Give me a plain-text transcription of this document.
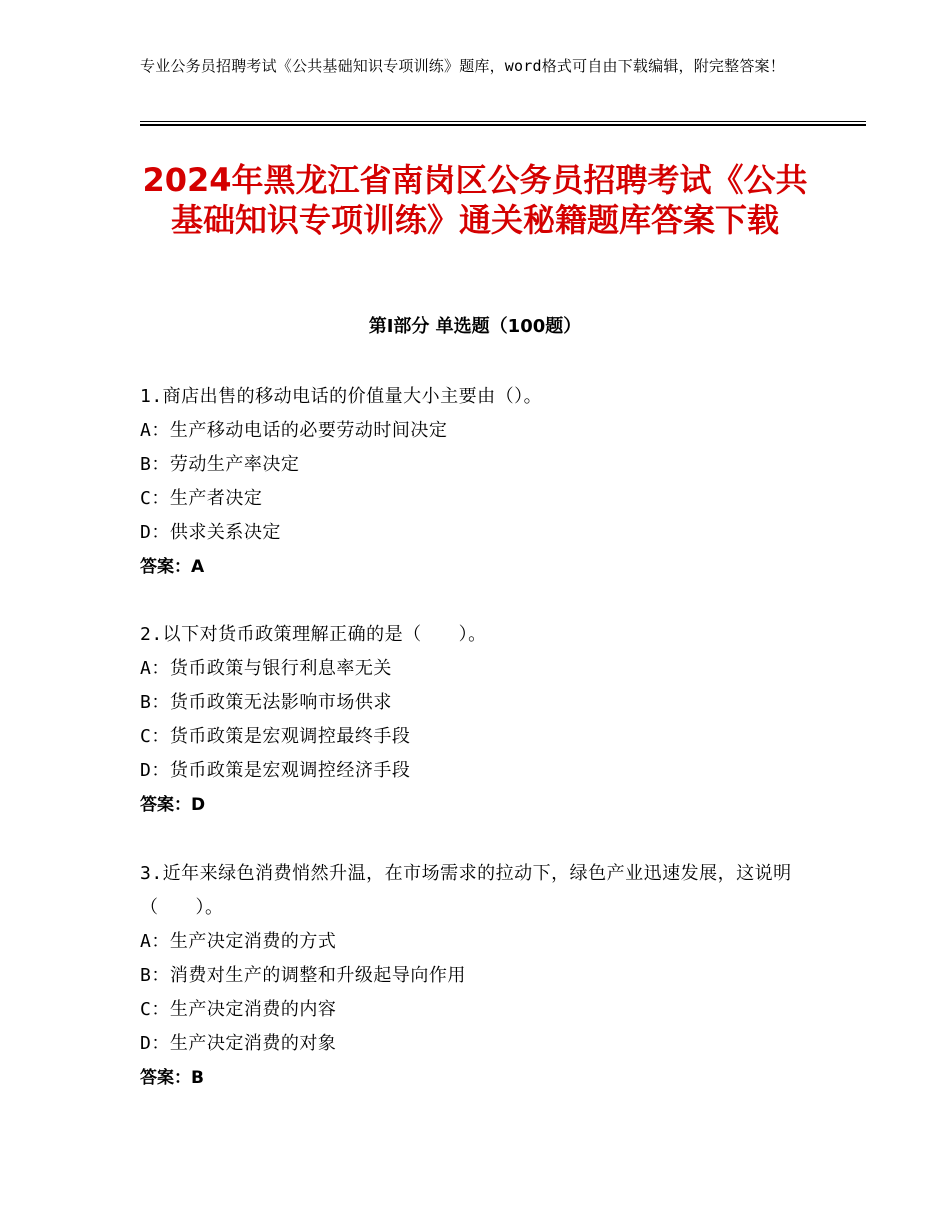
专业公务员招聘考试《公共基础知识专项训练》题库，word格式可自由下载编辑，附完整答案！
2024年黑龙江省南岗区公务员招聘考试《公共基础知识专项训练》通关秘籍题库答案下载
第Ⅰ部分 单选题（100题）
1.商店出售的移动电话的价值量大小主要由（）。
A：生产移动电话的必要劳动时间决定
B：劳动生产率决定
C：生产者决定
D：供求关系决定
答案：A
2.以下对货币政策理解正确的是（　　）。
A：货币政策与银行利息率无关
B：货币政策无法影响市场供求
C：货币政策是宏观调控最终手段
D：货币政策是宏观调控经济手段
答案：D
3.近年来绿色消费悄然升温，在市场需求的拉动下，绿色产业迅速发展，这说明（　　）。
A：生产决定消费的方式
B：消费对生产的调整和升级起导向作用
C：生产决定消费的内容
D：生产决定消费的对象
答案：B
